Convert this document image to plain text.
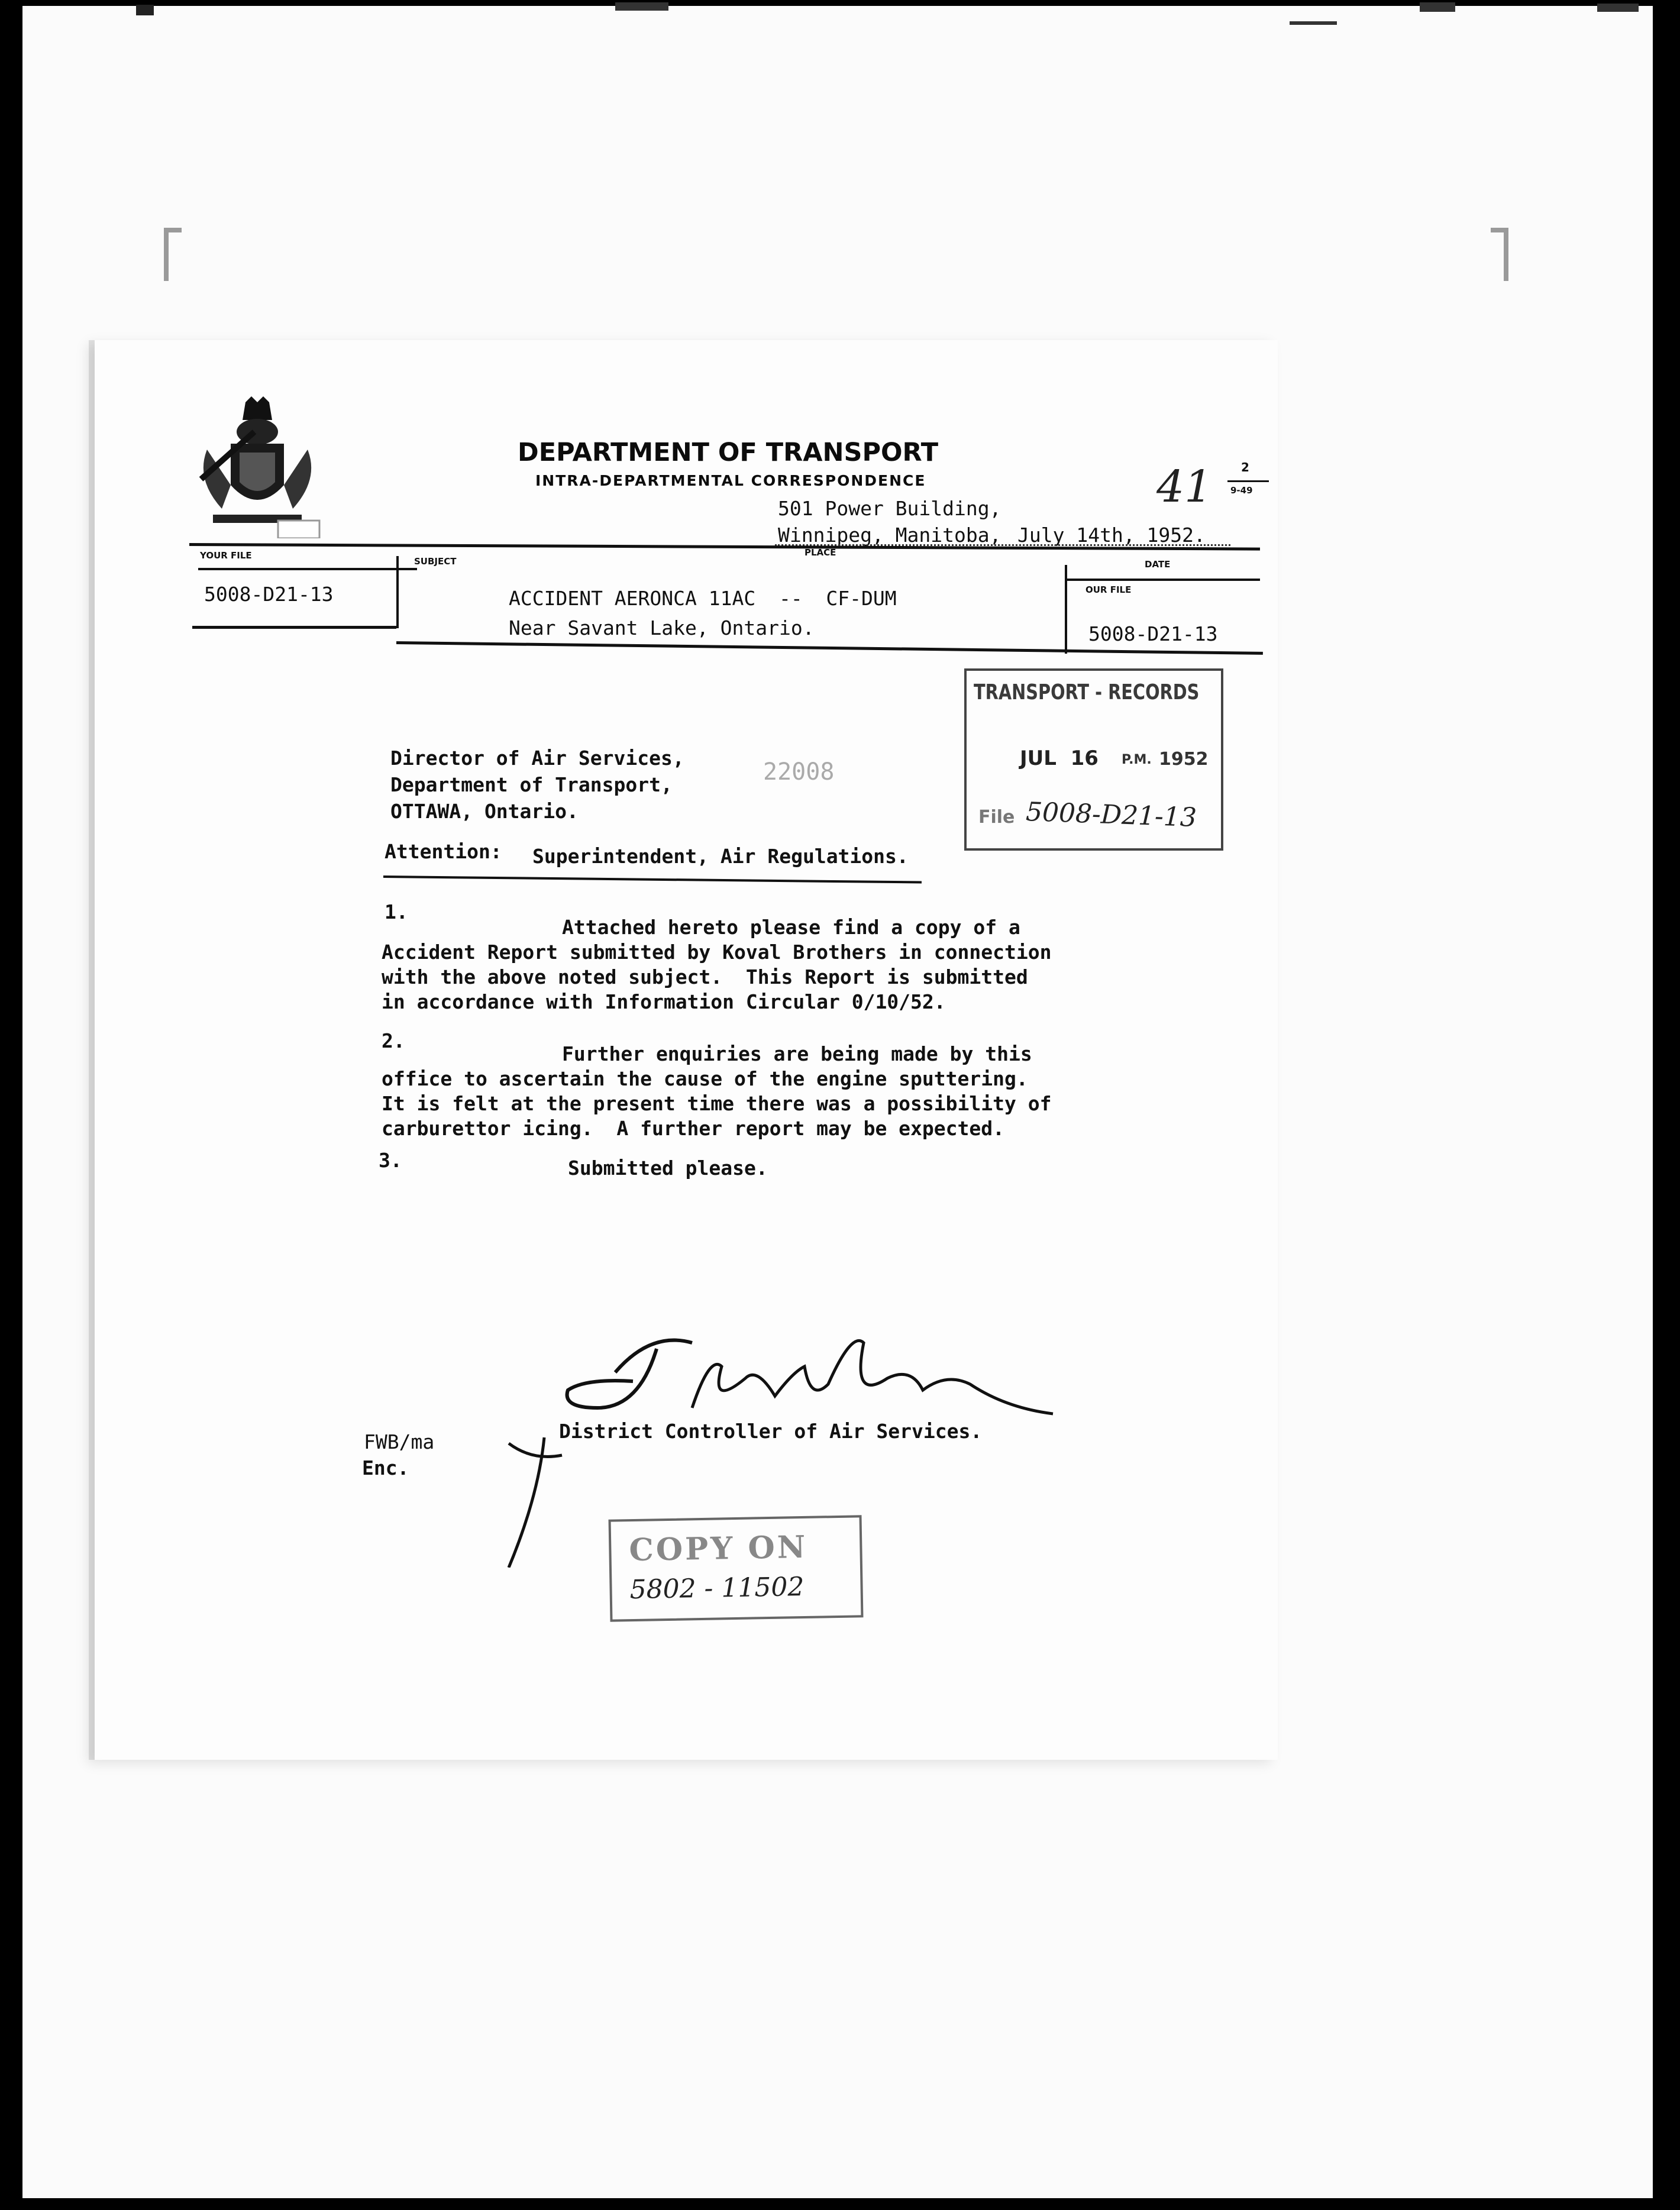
DEPARTMENT OF TRANSPORT
INTRA-DEPARTMENTAL CORRESPONDENCE	41 2
9-49
501 Power Building,
Winnipeg, Manitoba, July 14th, 1952.
PLACE
DATE
YOUR FILE
SUBJECT
OUR FILE
5008-D21-13	ACCIDENT AERONCA 11AC  --  CF-DUM
Near Savant Lake, Ontario.	5008-D21-13
TRANSPORT - RECORDS
JUL  16 P.M. 1952
File 5008-D21-13
Director of Air Services,
Department of Transport,
OTTAWA, Ontario.
22008
Attention: Superintendent, Air Regulations.
1.
Attached hereto please find a copy of a
Accident Report submitted by Koval Brothers in connection
with the above noted subject.  This Report is submitted
in accordance with Information Circular 0/10/52.
2.
Further enquiries are being made by this
office to ascertain the cause of the engine sputtering.
It is felt at the present time there was a possibility of
carburettor icing.  A further report may be expected.
3.	Submitted please.
District Controller of Air Services.
FWB/ma
Enc.
COPY ON
5802 - 11502
